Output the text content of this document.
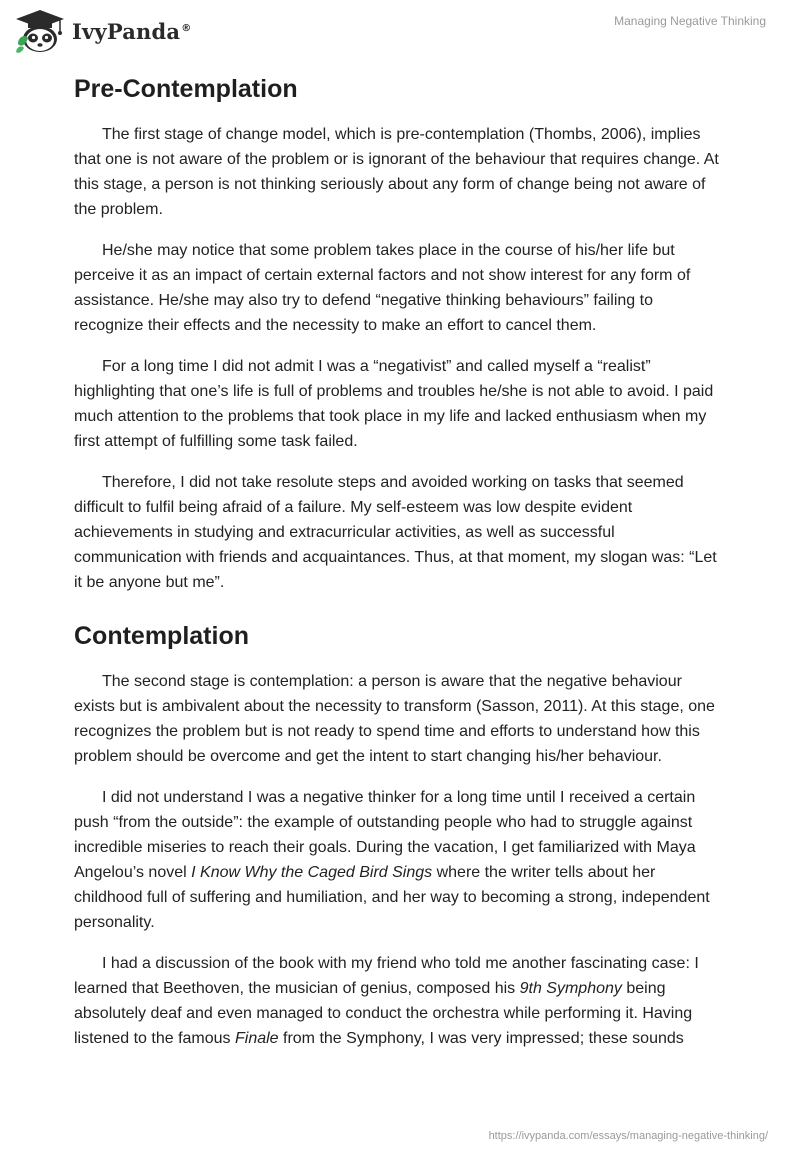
IvyPanda®	Managing Negative Thinking
Pre-Contemplation

The first stage of change model, which is pre-contemplation (Thombs, 2006), implies that one is not aware of the problem or is ignorant of the behaviour that requires change. At this stage, a person is not thinking seriously about any form of change being not aware of the problem.

He/she may notice that some problem takes place in the course of his/her life but perceive it as an impact of certain external factors and not show interest for any form of assistance. He/she may also try to defend “negative thinking behaviours” failing to recognize their effects and the necessity to make an effort to cancel them.

For a long time I did not admit I was a “negativist” and called myself a “realist” highlighting that one’s life is full of problems and troubles he/she is not able to avoid. I paid much attention to the problems that took place in my life and lacked enthusiasm when my first attempt of fulfilling some task failed.

Therefore, I did not take resolute steps and avoided working on tasks that seemed difficult to fulfil being afraid of a failure. My self-esteem was low despite evident achievements in studying and extracurricular activities, as well as successful communication with friends and acquaintances. Thus, at that moment, my slogan was: “Let it be anyone but me”.

Contemplation

The second stage is contemplation: a person is aware that the negative behaviour exists but is ambivalent about the necessity to transform (Sasson, 2011). At this stage, one recognizes the problem but is not ready to spend time and efforts to understand how this problem should be overcome and get the intent to start changing his/her behaviour.

I did not understand I was a negative thinker for a long time until I received a certain push “from the outside”: the example of outstanding people who had to struggle against incredible miseries to reach their goals. During the vacation, I get familiarized with Maya Angelou’s novel I Know Why the Caged Bird Sings where the writer tells about her childhood full of suffering and humiliation, and her way to becoming a strong, independent personality.

I had a discussion of the book with my friend who told me another fascinating case: I learned that Beethoven, the musician of genius, composed his 9th Symphony being absolutely deaf and even managed to conduct the orchestra while performing it. Having listened to the famous Finale from the Symphony, I was very impressed; these sounds

https://ivypanda.com/essays/managing-negative-thinking/
